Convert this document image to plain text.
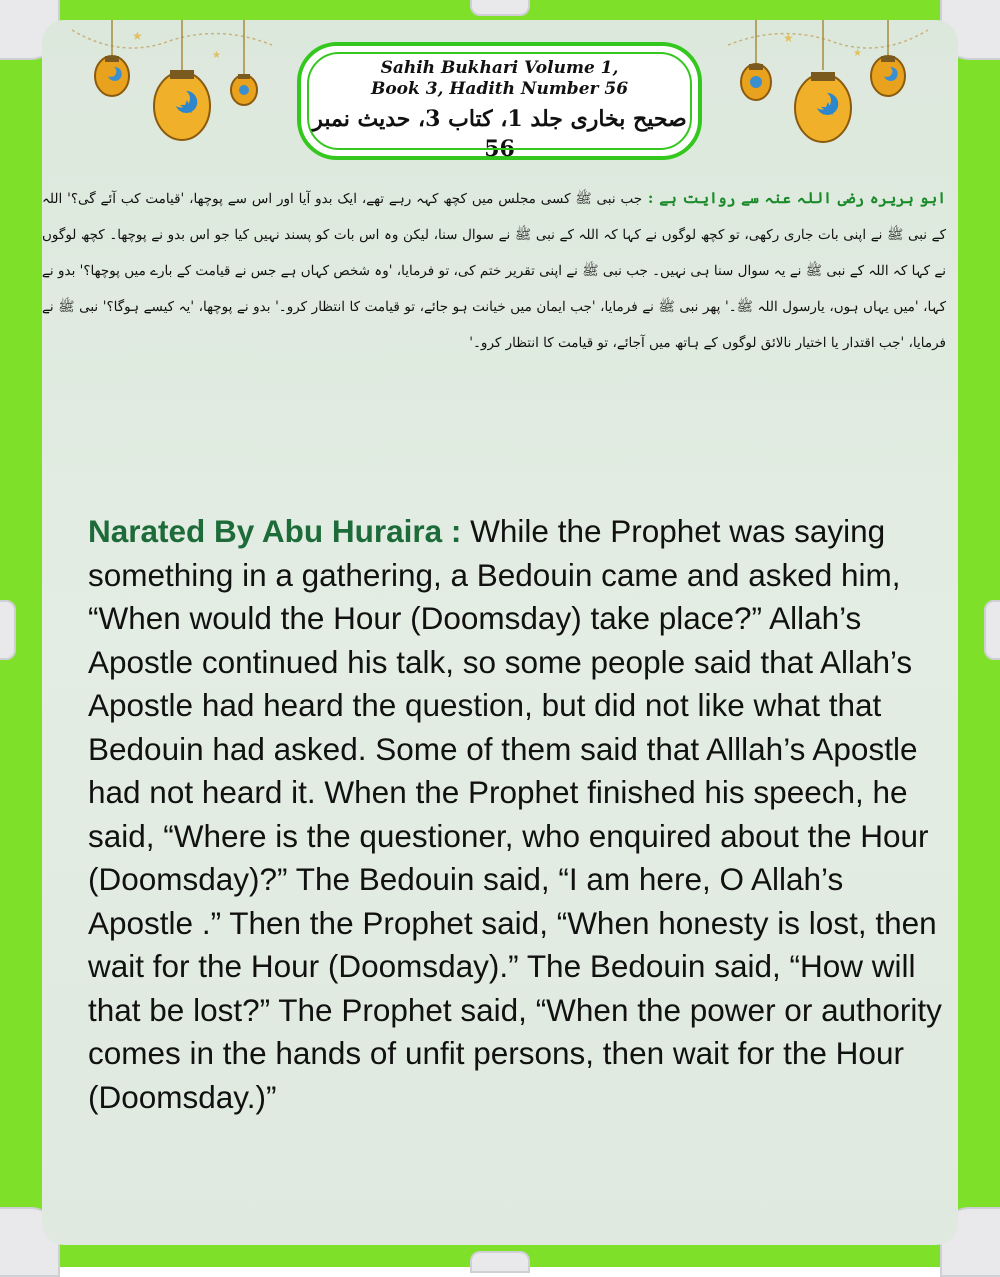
★
★
★
★
Sahih Bukhari Volume 1,
Book 3, Hadith Number 56
صحیح بخاری جلد 1، کتاب 3، حدیث نمبر 56
ابو ہریرہ رضی اللہ عنہ سے روایت ہے : جب نبی ﷺ کسی مجلس میں کچھ کہہ رہے تھے، ایک بدو آیا اور اس سے پوچھا، 'قیامت کب آئے گی؟' اللہ کے نبی ﷺ نے اپنی بات جاری رکھی، تو کچھ لوگوں نے کہا کہ اللہ کے نبی ﷺ نے سوال سنا، لیکن وہ اس بات کو پسند نہیں کیا جو اس بدو نے پوچھا۔ کچھ لوگوں نے کہا کہ اللہ کے نبی ﷺ نے یہ سوال سنا ہی نہیں۔ جب نبی ﷺ نے اپنی تقریر ختم کی، تو فرمایا، 'وہ شخص کہاں ہے جس نے قیامت کے بارے میں پوچھا؟' بدو نے کہا، 'میں یہاں ہوں، یارسول اللہ ﷺ۔' پھر نبی ﷺ نے فرمایا، 'جب ایمان میں خیانت ہو جائے، تو قیامت کا انتظار کرو۔' بدو نے پوچھا، 'یہ کیسے ہوگا؟' نبی ﷺ نے فرمایا، 'جب اقتدار یا اختیار نالائق لوگوں کے ہاتھ میں آجائے، تو قیامت کا انتظار کرو۔'
Narated By Abu Huraira : While the Prophet was saying something in a gathering, a Bedouin came and asked him, “When would the Hour (Doomsday) take place?” Allah’s Apostle continued his talk, so some people said that Allah’s Apostle had heard the question, but did not like what that Bedouin had asked. Some of them said that Alllah’s Apostle had not heard it. When the Prophet finished his speech, he said, “Where is the questioner, who enquired about the Hour (Doomsday)?” The Bedouin said, “I am here, O Allah’s Apostle .” Then the Prophet said, “When honesty is lost, then wait for the Hour (Doomsday).” The Bedouin said, “How will that be lost?” The Prophet said, “When the power or authority comes in the hands of unfit persons, then wait for the Hour (Doomsday.)”
